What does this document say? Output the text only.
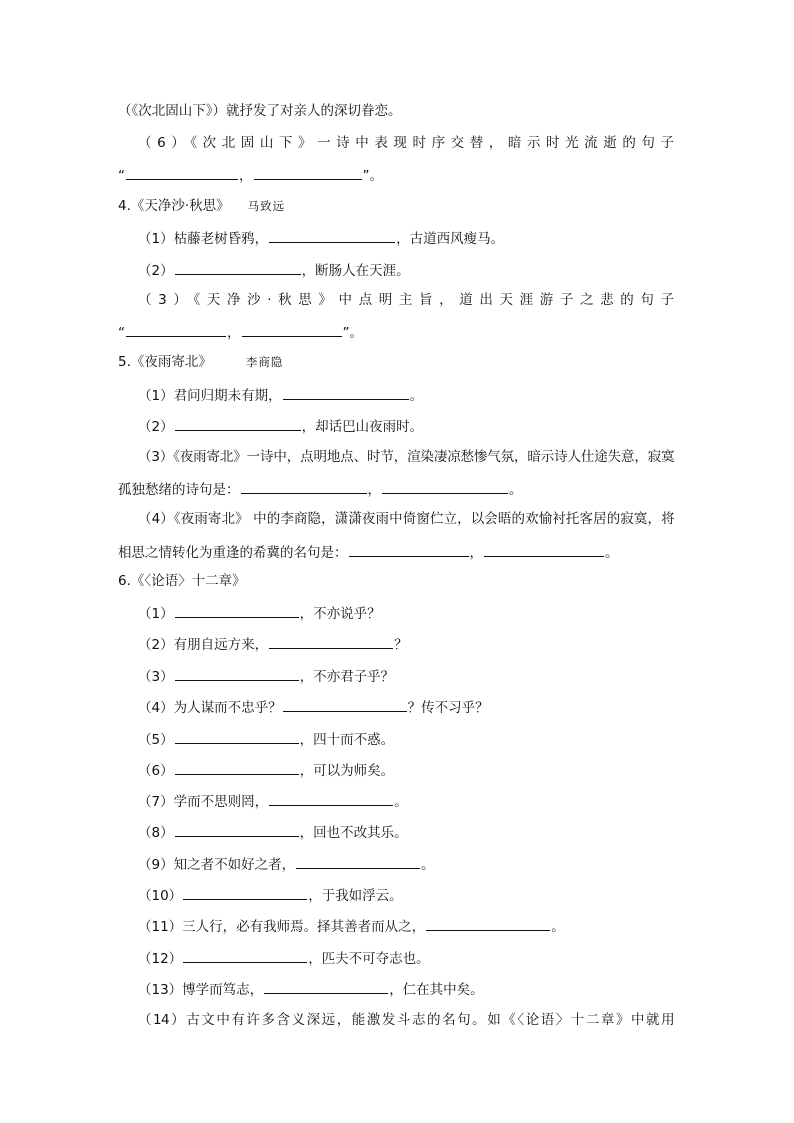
（《次北固山下》）就抒发了对亲人的深切眷恋。
（6）《次北固山下》一诗中表现时序交替，暗示时光流逝的句子
“	，	”。
4.《天净沙·秋思》 马致远
（1）枯藤老树昏鸦，	，古道西风瘦马。
（2）	，断肠人在天涯。
（3）《天净沙·秋思》中点明主旨，道出天涯游子之悲的句子
“	，	”。
5.《夜雨寄北》	李商隐
（1）君问归期未有期，	。
（2）	，却话巴山夜雨时。
（3）《夜雨寄北》一诗中，点明地点、时节，渲染凄凉愁惨气氛，暗示诗人仕途失意，寂寞
孤独愁绪的诗句是：	，	。
（4）《夜雨寄北》 中的李商隐，潇潇夜雨中倚窗伫立，以会晤的欢愉衬托客居的寂寞，将
相思之情转化为重逢的希冀的名句是：	，	。
6.《〈论语〉十二章》
（1）	，不亦说乎？
（2）有朋自远方来，	？
（3）	，不亦君子乎？
（4）为人谋而不忠乎？	？传不习乎？
（5）	，四十而不惑。
（6）	，可以为师矣。
（7）学而不思则罔，	。
（8）	，回也不改其乐。
（9）知之者不如好之者，	。
（10）	，于我如浮云。
（11）三人行，必有我师焉。择其善者而从之，	。
（12）	，匹夫不可夺志也。
（13）博学而笃志，	，仁在其中矣。
（14）古文中有许多含义深远，能激发斗志的名句。如《〈论语〉十二章》中就用
